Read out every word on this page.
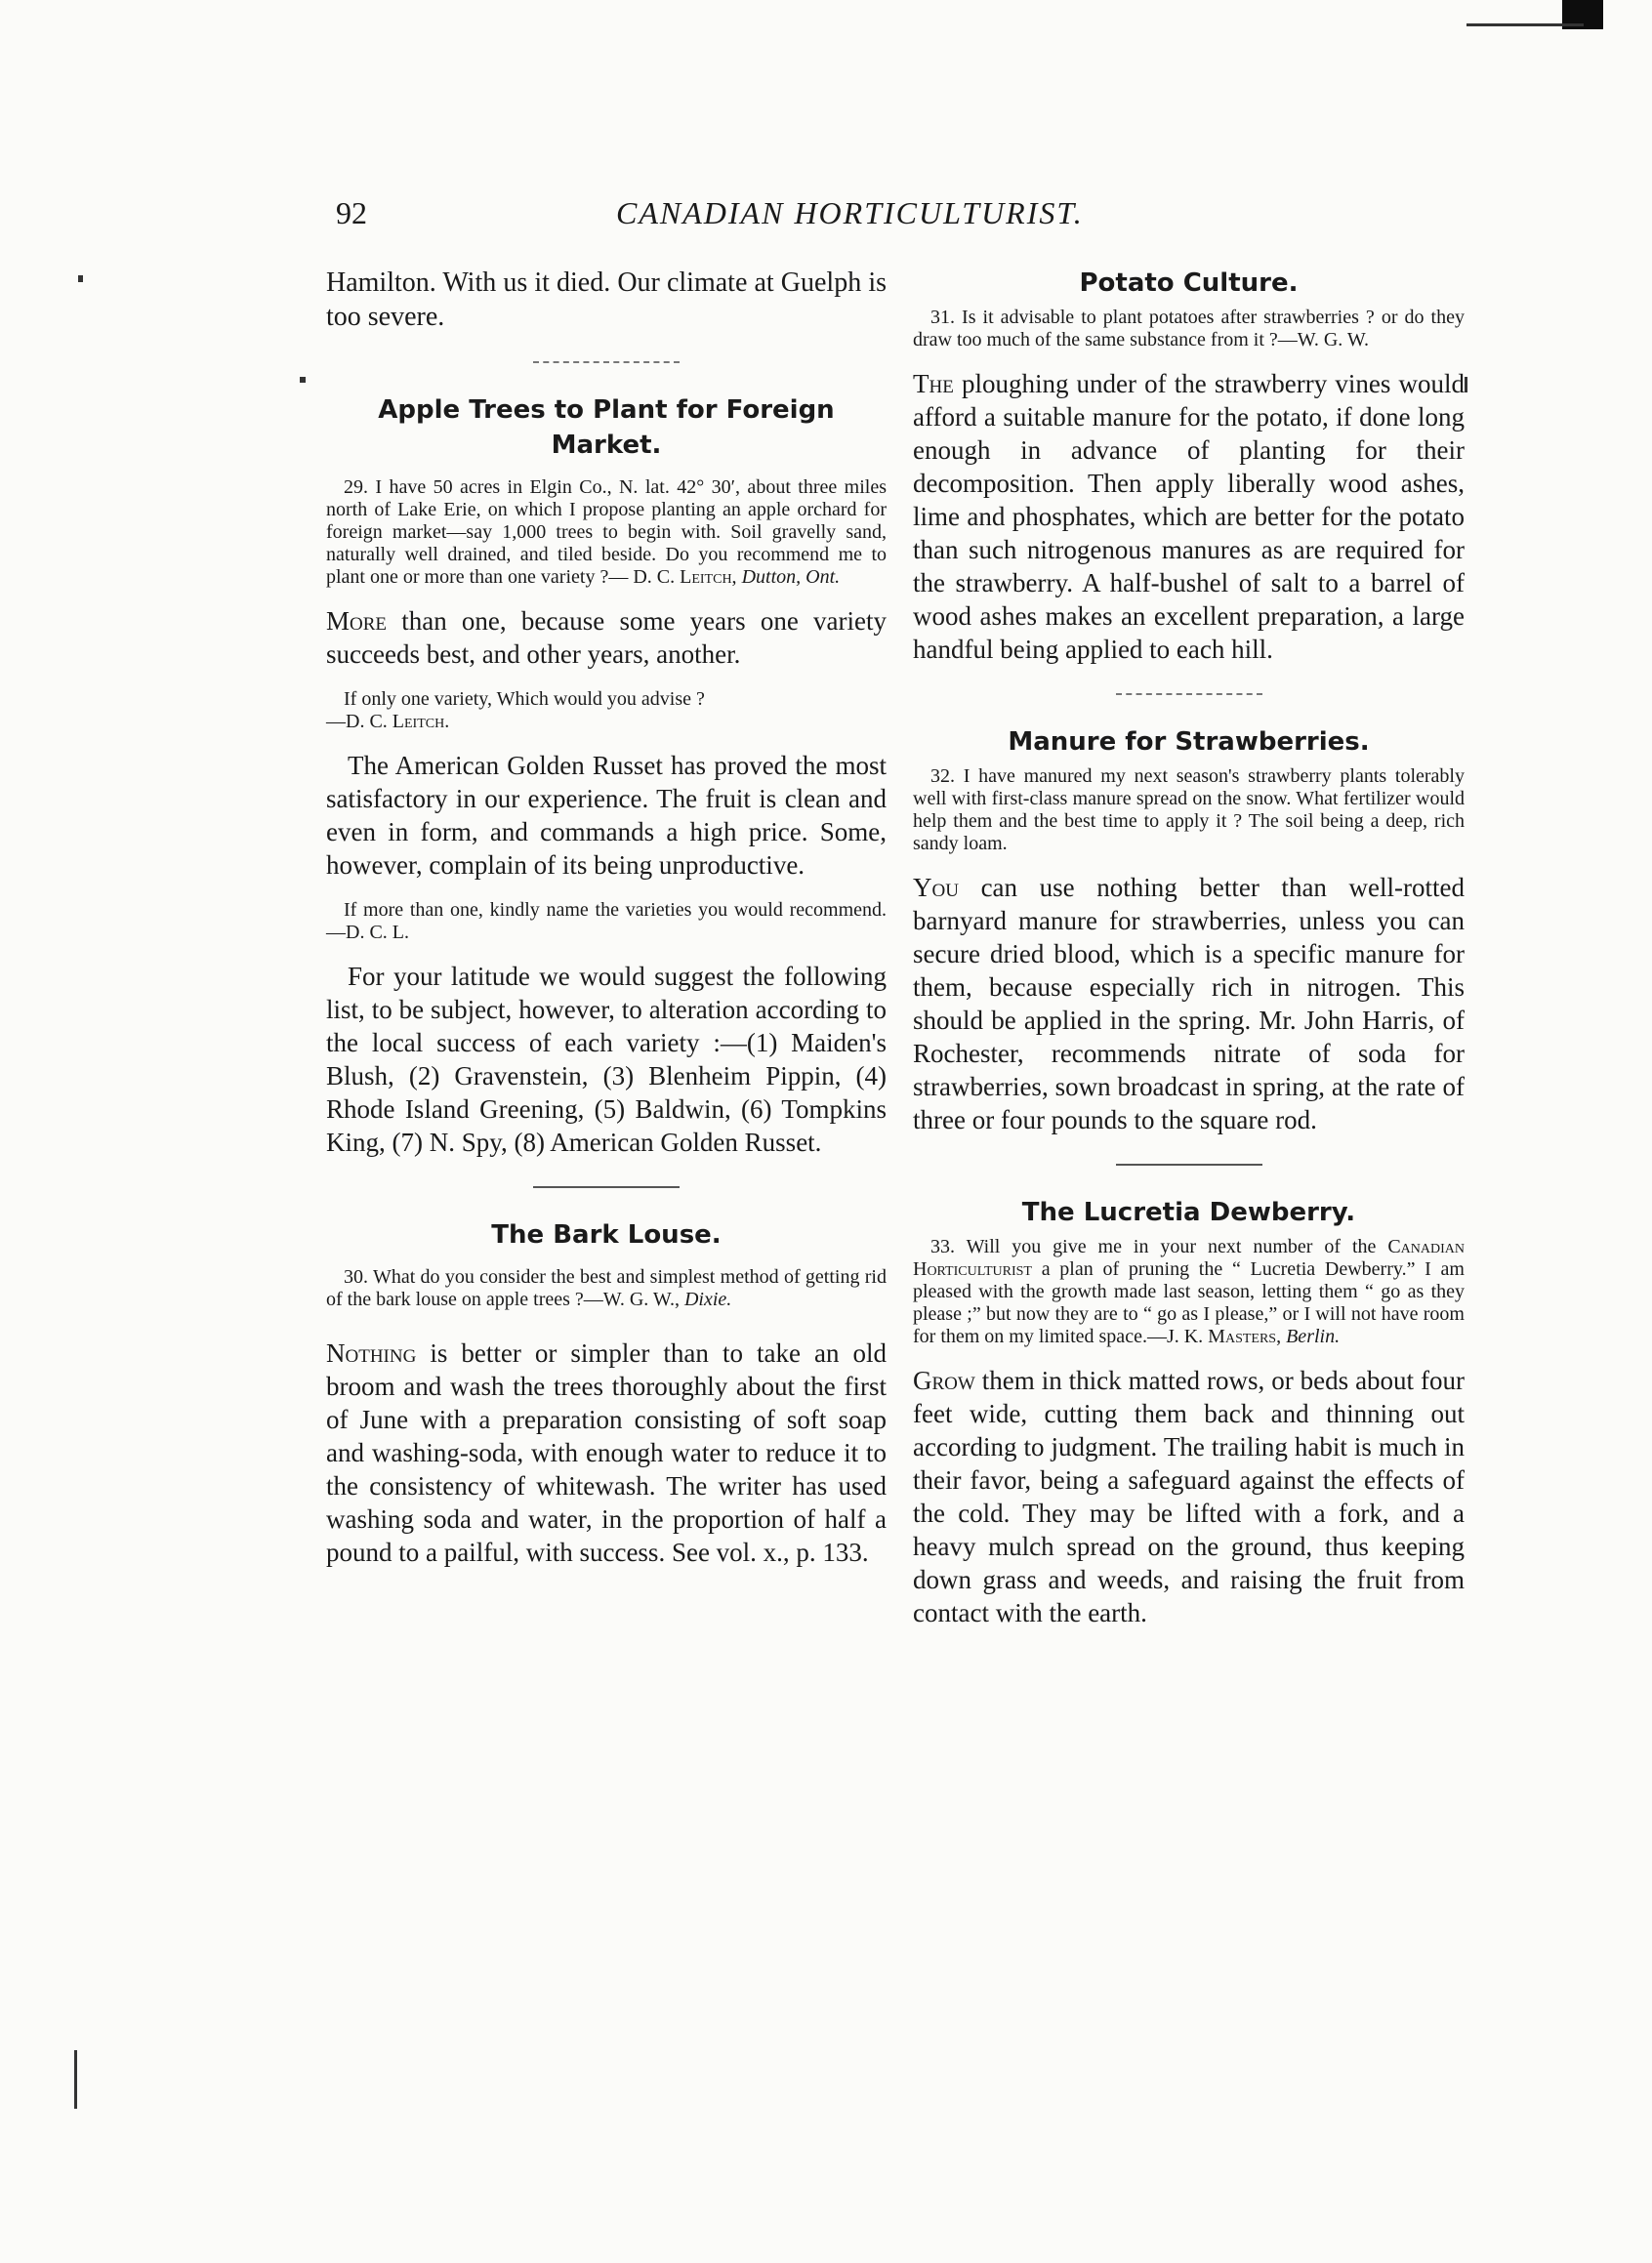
92	CANADIAN HORTICULTURIST.

Hamilton. With us it died. Our climate at Guelph is too severe.

Apple Trees to Plant for Foreign Market.

29. I have 50 acres in Elgin Co., N. lat. 42° 30′, about three miles north of Lake Erie, on which I propose planting an apple orchard for foreign market—say 1,000 trees to begin with. Soil gravelly sand, naturally well drained, and tiled beside. Do you recommend me to plant one or more than one variety ?— D. C. Leitch, Dutton, Ont.

More than one, because some years one variety succeeds best, and other years, another.

If only one variety, Which would you advise ?
—D. C. Leitch.

The American Golden Russet has proved the most satisfactory in our experience. The fruit is clean and even in form, and commands a high price. Some, however, complain of its being unproductive.

If more than one, kindly name the varieties you would recommend.—D. C. L.

For your latitude we would suggest the following list, to be subject, however, to alteration according to the local success of each variety :—(1) Maiden's Blush, (2) Gravenstein, (3) Blenheim Pippin, (4) Rhode Island Greening, (5) Baldwin, (6) Tompkins King, (7) N. Spy, (8) American Golden Russet.

The Bark Louse.

30. What do you consider the best and simplest method of getting rid of the bark louse on apple trees ?—W. G. W., Dixie.

Nothing is better or simpler than to take an old broom and wash the trees thoroughly about the first of June with a preparation consisting of soft soap and washing-soda, with enough water to reduce it to the consistency of whitewash. The writer has used washing soda and water, in the proportion of half a pound to a pailful, with success. See vol. x., p. 133.

Potato Culture.

31. Is it advisable to plant potatoes after strawberries ? or do they draw too much of the same substance from it ?—W. G. W.

The ploughing under of the strawberry vines would afford a suitable manure for the potato, if done long enough in advance of planting for their decomposition. Then apply liberally wood ashes, lime and phosphates, which are better for the potato than such nitrogenous manures as are required for the strawberry. A half-bushel of salt to a barrel of wood ashes makes an excellent preparation, a large handful being applied to each hill.

Manure for Strawberries.

32. I have manured my next season's strawberry plants tolerably well with first-class manure spread on the snow. What fertilizer would help them and the best time to apply it ? The soil being a deep, rich sandy loam.

You can use nothing better than well-rotted barnyard manure for strawberries, unless you can secure dried blood, which is a specific manure for them, because especially rich in nitrogen. This should be applied in the spring. Mr. John Harris, of Rochester, recommends nitrate of soda for strawberries, sown broadcast in spring, at the rate of three or four pounds to the square rod.

The Lucretia Dewberry.

33. Will you give me in your next number of the Canadian Horticulturist a plan of pruning the “ Lucretia Dewberry.” I am pleased with the growth made last season, letting them “ go as they please ;” but now they are to “ go as I please,” or I will not have room for them on my limited space.—J. K. Masters, Berlin.

Grow them in thick matted rows, or beds about four feet wide, cutting them back and thinning out according to judgment. The trailing habit is much in their favor, being a safeguard against the effects of the cold. They may be lifted with a fork, and a heavy mulch spread on the ground, thus keeping down grass and weeds, and raising the fruit from contact with the earth.
